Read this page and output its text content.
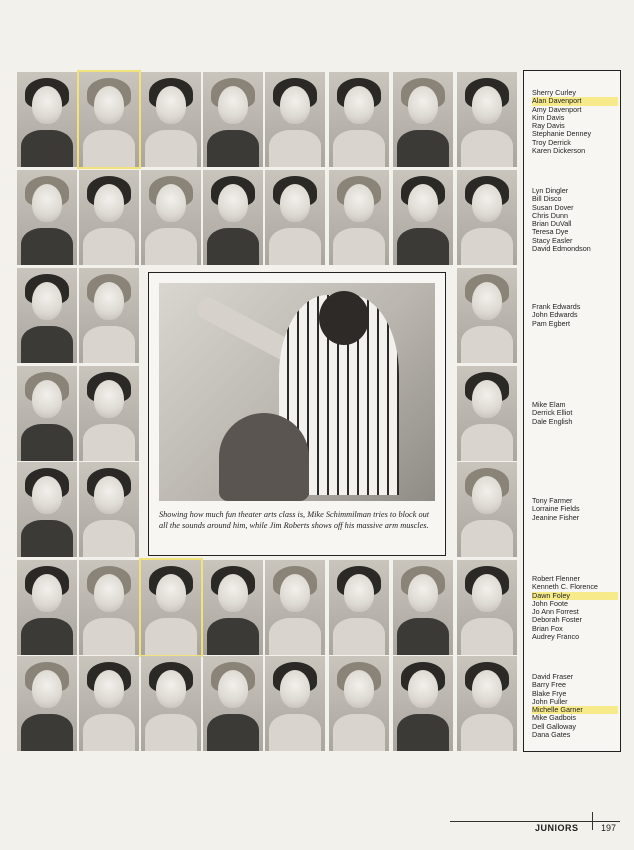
Showing how much fun theater arts class is, Mike Schimmilman tries to block out all the sounds around him, while Jim Roberts shows off his massive arm muscles.
Sherry Curley
Alan Davenport
Amy Davenport
Kim Davis
Ray Davis
Stephanie Denney
Troy Derrick
Karen Dickerson
Lyn Dingler
Bill Disco
Susan Dover
Chris Dunn
Brian DuVall
Teresa Dye
Stacy Easler
David Edmondson
Frank Edwards
John Edwards
Pam Egbert
Mike Elam
Derrick Elliot
Dale English
Tony Farmer
Lorraine Fields
Jeanine Fisher
Robert Flenner
Kenneth C. Florence
Dawn Foley
John Foote
Jo Ann Forrest
Deborah Foster
Brian Fox
Audrey Franco
David Fraser
Barry Free
Blake Frye
John Fuller
Michelle Garner
Mike Gadbois
Dell Galloway
Dana Gates
JUNIORS 197
